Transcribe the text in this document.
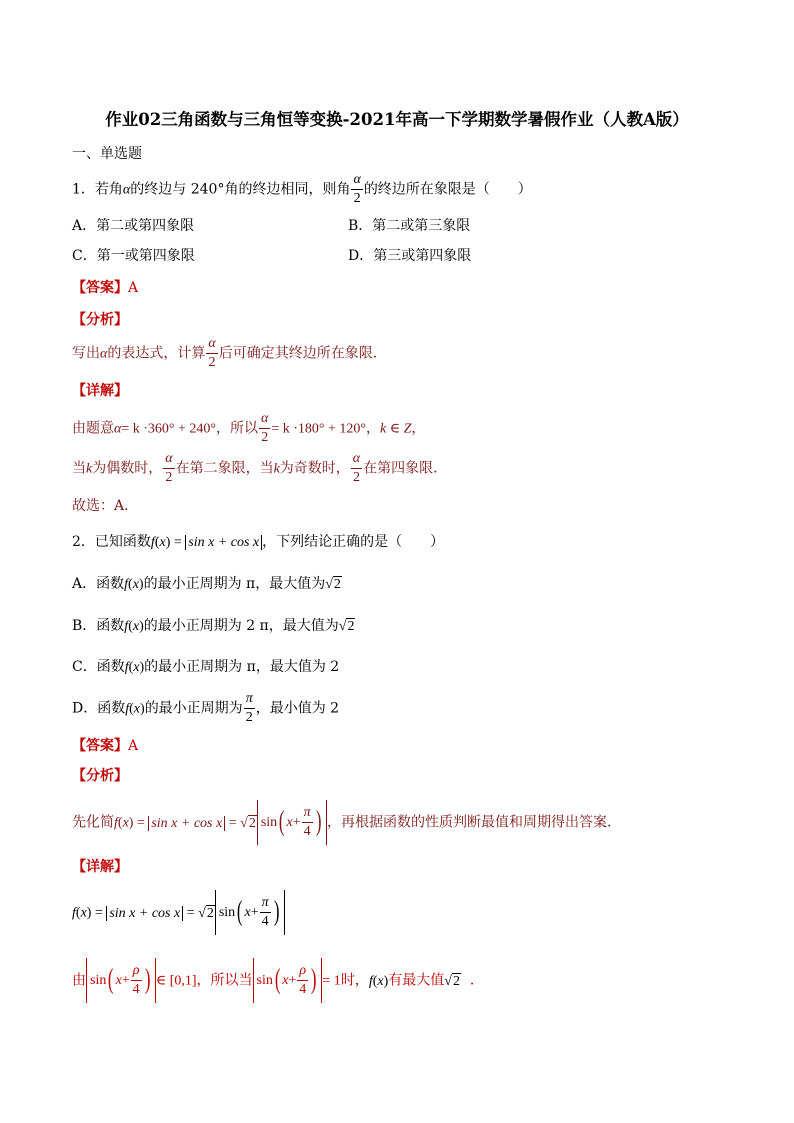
作业02三角函数与三角恒等变换-2021年高一下学期数学暑假作业（人教A版）
一、单选题
1．若角α的终边与 240°角的终边相同，则角 $\frac{\alpha}{2}$ 的终边所在象限是（　　）
A．第二或第四象限	B．第二或第三象限
C．第一或第四象限	D．第三或第四象限
【答案】A
【分析】
写出α的表达式，计算 $\frac{\alpha}{2}$ 后可确定其终边所在象限．
【详解】
由题意α= k ·360° + 240°，所以 $\frac{\alpha}{2} = k \cdot 180^\circ + 120^\circ$，k ∈ Z，
当k为偶数时， $\frac{\alpha}{2}$ 在第二象限，当k为奇数时， $\frac{\alpha}{2}$ 在第四象限．
故选：A．
2．已知函数f(x) = sin x + cos x ，下列结论正确的是（　　）
A．函数f(x)的最小正周期为 π，最大值为√2
B．函数f(x)的最小正周期为 2 π，最大值为√2
C．函数f(x)的最小正周期为 π，最大值为 2
D．函数f(x)的最小正周期为 $\frac{\pi}{2}$ ，最小值为 2
【答案】A
【分析】
先化简f(x) = sin x + cos x = √2 sin( $x+ \frac{\pi}{4}$ ) ，再根据函数的性质判断最值和周期得出答案．
【详解】
f(x) = sin x + cos x = √2 sin( $x+ \frac{\pi}{4}$ )
由 sin( $x+ \frac{\rho}{4}$ ) ∈ [0,1]，所以当 sin( $x+ \frac{\rho}{4}$ ) = 1时，f(x)有最大值√2 ．
